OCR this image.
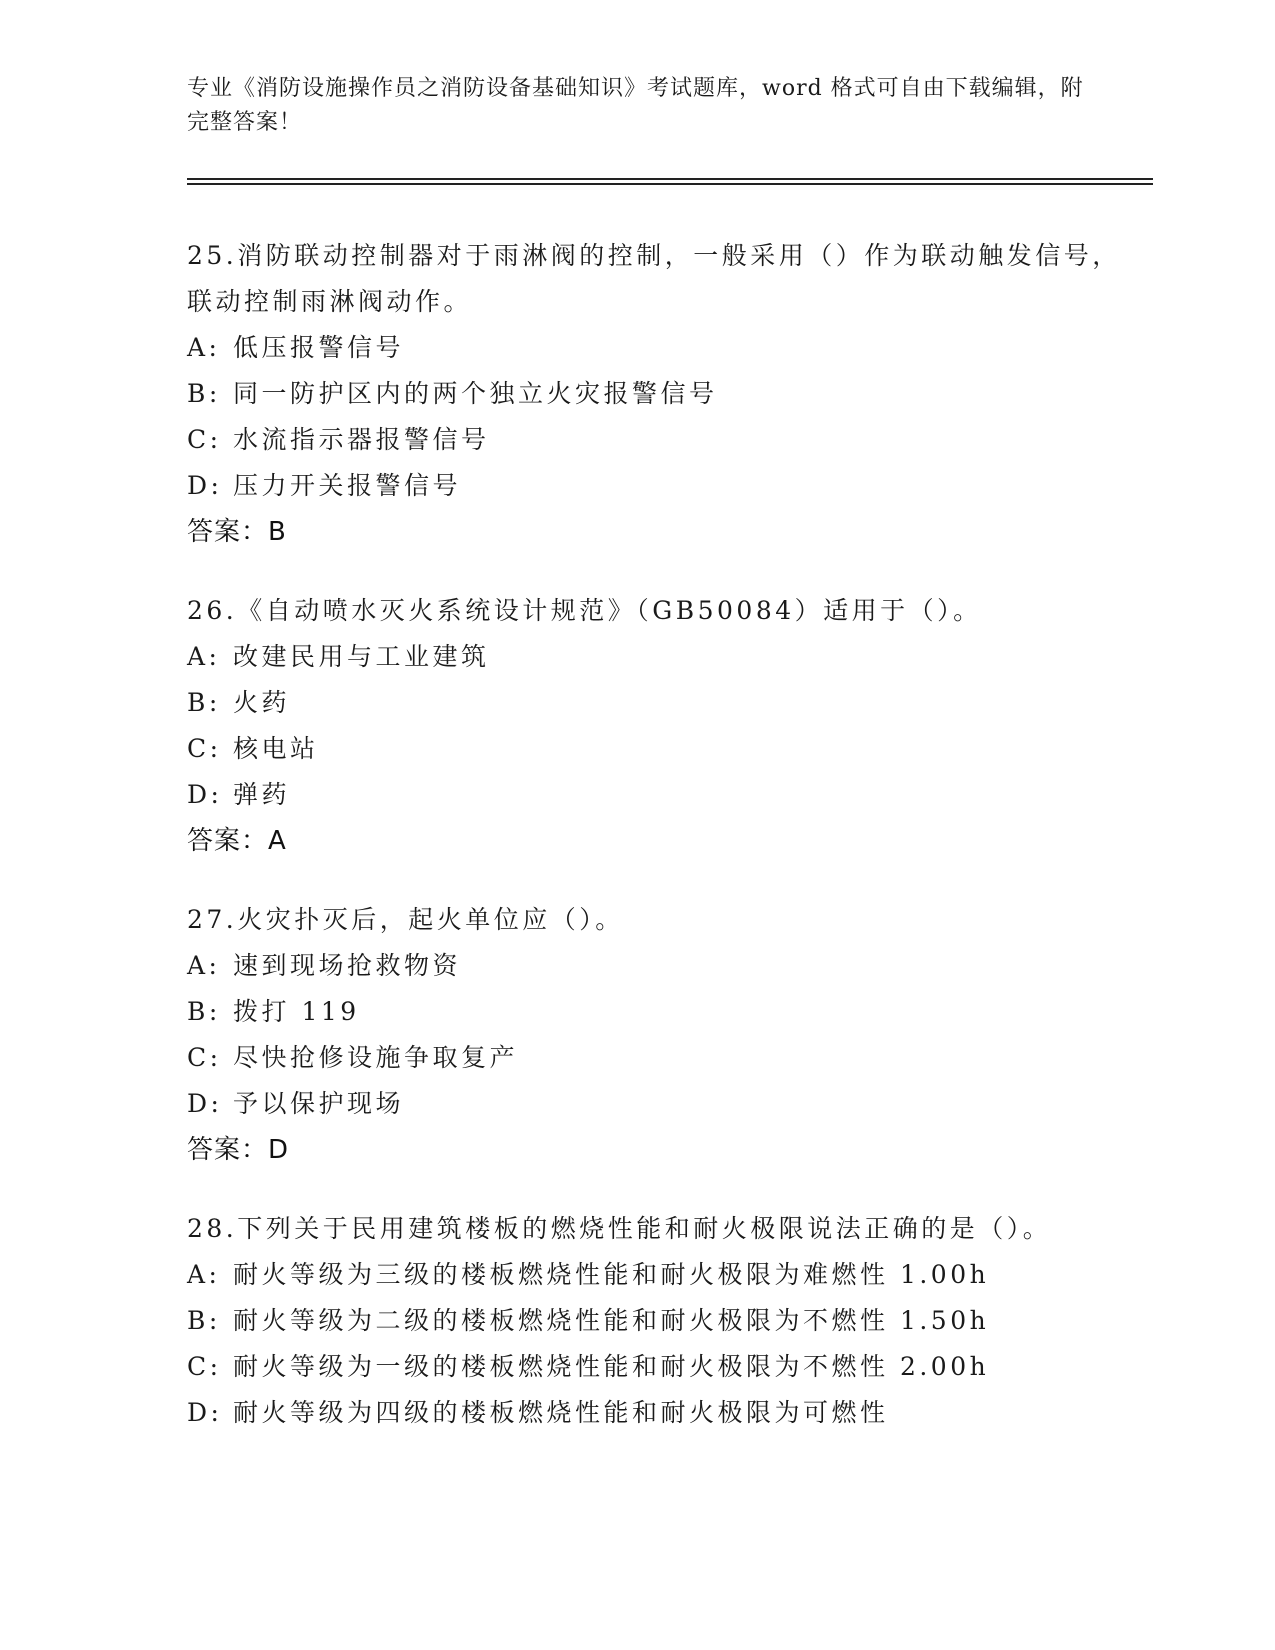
专业《消防设施操作员之消防设备基础知识》考试题库，word 格式可自由下载编辑，附完整答案！

25.消防联动控制器对于雨淋阀的控制，一般采用（）作为联动触发信号，联动控制雨淋阀动作。

A: 低压报警信号

B: 同一防护区内的两个独立火灾报警信号

C: 水流指示器报警信号

D: 压力开关报警信号

答案：B

26.《自动喷水灭火系统设计规范》（GB50084）适用于（）。

A: 改建民用与工业建筑

B: 火药

C: 核电站

D: 弹药

答案：A

27.火灾扑灭后，起火单位应（）。

A: 速到现场抢救物资

B: 拨打 119

C: 尽快抢修设施争取复产

D: 予以保护现场

答案：D

28.下列关于民用建筑楼板的燃烧性能和耐火极限说法正确的是（）。

A: 耐火等级为三级的楼板燃烧性能和耐火极限为难燃性 1.00h

B: 耐火等级为二级的楼板燃烧性能和耐火极限为不燃性 1.50h

C: 耐火等级为一级的楼板燃烧性能和耐火极限为不燃性 2.00h

D: 耐火等级为四级的楼板燃烧性能和耐火极限为可燃性
